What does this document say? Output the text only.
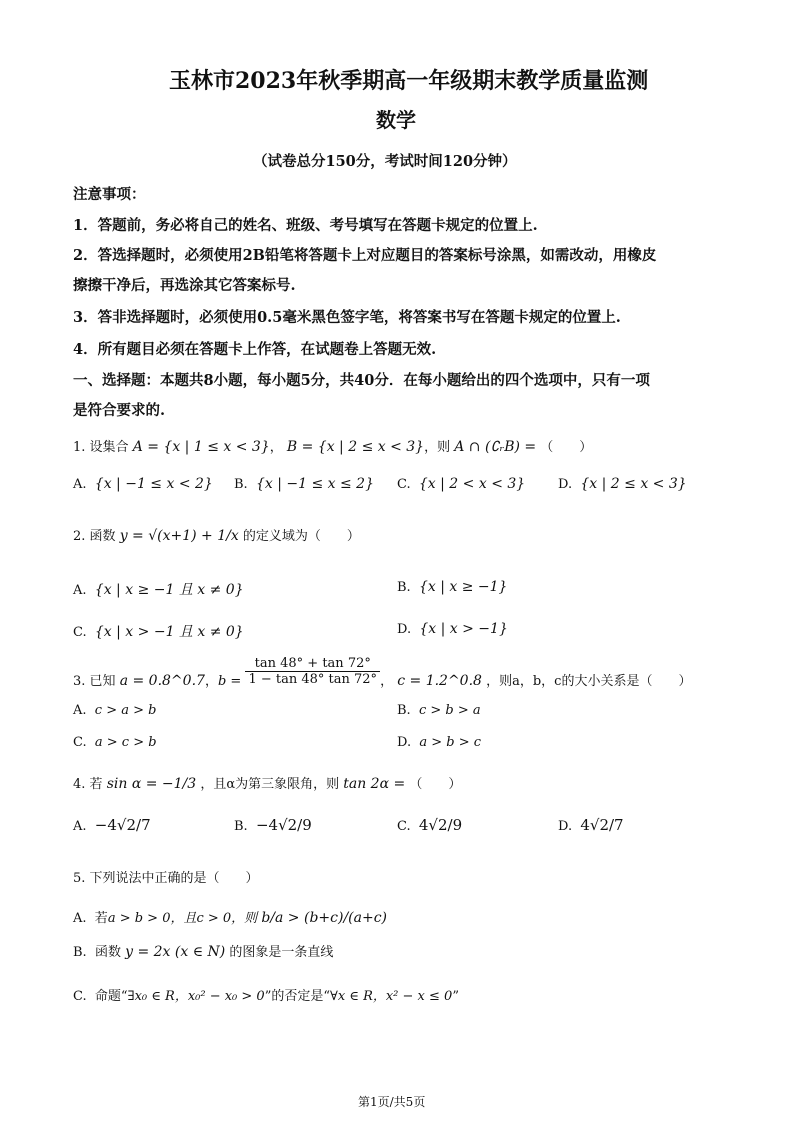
玉林市2023年秋季期高一年级期末教学质量监测
数学
（试卷总分150分，考试时间120分钟）
注意事项：
1．答题前，务必将自己的姓名、班级、考号填写在答题卡规定的位置上.
2．答选择题时，必须使用2B铅笔将答题卡上对应题目的答案标号涂黑，如需改动，用橡皮
擦擦干净后，再选涂其它答案标号.
3．答非选择题时，必须使用0.5毫米黑色签字笔，将答案书写在答题卡规定的位置上.
4．所有题目必须在答题卡上作答，在试题卷上答题无效.
一、选择题：本题共8小题，每小题5分，共40分．在每小题给出的四个选项中，只有一项
是符合要求的.
1. 设集合 A = {x | 1 ≤ x < 3}， B = {x | 2 ≤ x < 3}，则 A ∩ (∁ᵣB) = （　　）
A. {x | −1 ≤ x < 2} B. {x | −1 ≤ x ≤ 2} C. {x | 2 < x < 3}	D. {x | 2 ≤ x < 3}
2. 函数 y = √(x+1) + 1/x 的定义域为（　　）
A. {x | x ≥ −1 且 x ≠ 0}	B. {x | x ≥ −1}
C. {x | x > −1 且 x ≠ 0}	D. {x | x > −1}
3. 已知 a = 0.8^0.7，$b = \frac{\tan 48^\circ + \tan 72^\circ}{1 - \tan 48^\circ \tan 72^\circ}$ ， c = 1.2^0.8 ，则a，b，c的大小关系是（　　）
A. c > a > b	B. c > b > a
C. a > c > b	D. a > b > c
4. 若 sin α = −1/3 ，且α为第三象限角，则 tan 2α = （　　）
A. −4√2/7	B. −4√2/9	C. 4√2/9	D. 4√2/7
5. 下列说法中正确的是（　　）
A. 若a > b > 0，且c > 0，则 b/a > (b+c)/(a+c)
B. 函数 y = 2x (x ∈ N) 的图象是一条直线
C. 命题“∃x₀ ∈ R，x₀² − x₀ > 0”的否定是“∀x ∈ R，x² − x ≤ 0”
第1页/共5页
